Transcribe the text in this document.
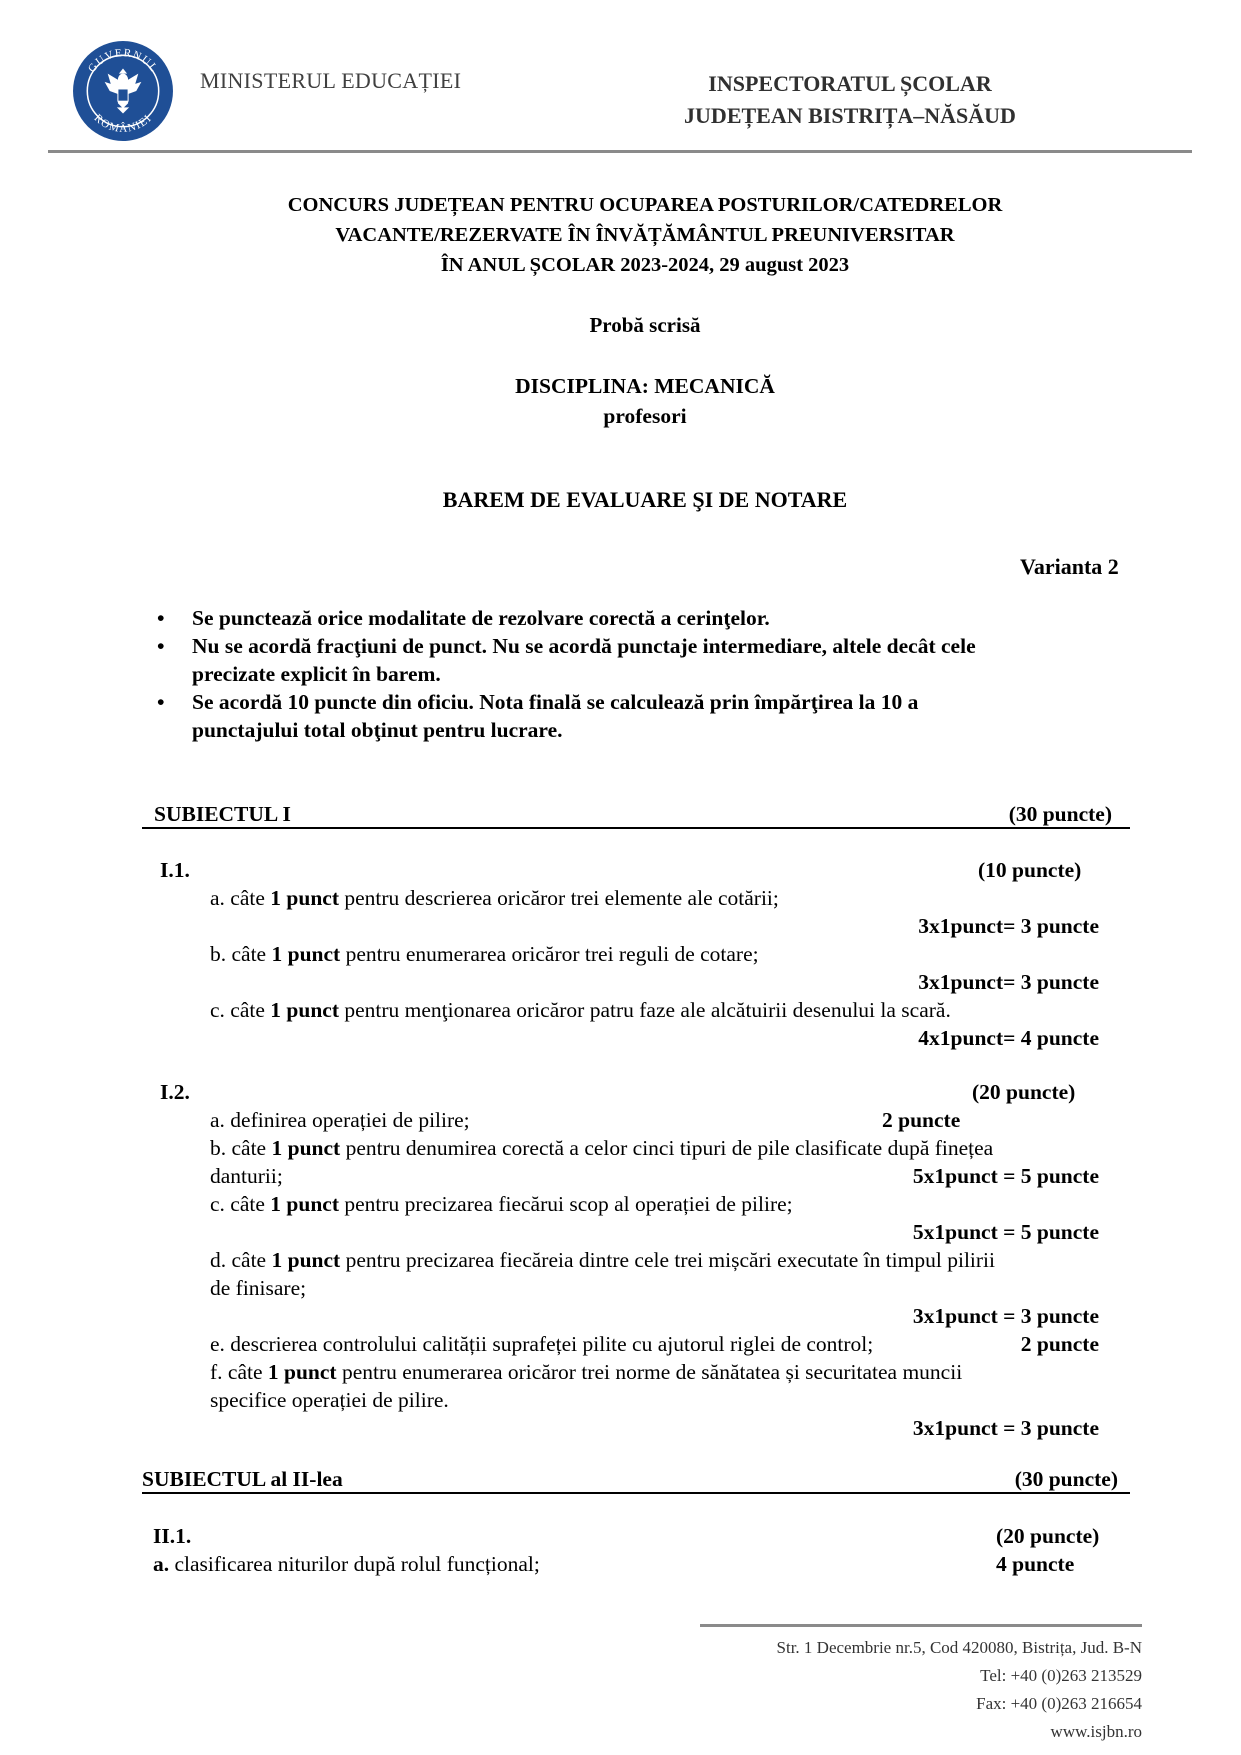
GUVERNUL
ROMÂNIEI
MINISTERUL EDUCAȚIEI	INSPECTORATUL ȘCOLAR
JUDEȚEAN BISTRIȚA–NĂSĂUD
CONCURS JUDEȚEAN PENTRU OCUPAREA POSTURILOR/CATEDRELOR
VACANTE/REZERVATE ÎN ÎNVĂȚĂMÂNTUL PREUNIVERSITAR
ÎN ANUL ȘCOLAR 2023-2024, 29 august 2023
Probă scrisă
DISCIPLINA: MECANICĂ
profesori
BAREM DE EVALUARE ŞI DE NOTARE
Varianta 2
• Se punctează orice modalitate de rezolvare corectă a cerinţelor.
• Nu se acordă fracţiuni de punct. Nu se acordă punctaje intermediare, altele decât cele
precizate explicit în barem.
• Se acordă 10 puncte din oficiu. Nota finală se calculează prin împărţirea la 10 a
punctajului total obţinut pentru lucrare.
SUBIECTUL I	(30 puncte)
I.1.	(10 puncte)
a. câte 1 punct pentru descrierea oricăror trei elemente ale cotării;
3x1punct= 3 puncte
b. câte 1 punct pentru enumerarea oricăror trei reguli de cotare;
3x1punct= 3 puncte
c. câte 1 punct pentru menţionarea oricăror patru faze ale alcătuirii desenului la scară.
4x1punct= 4 puncte
I.2.	(20 puncte)
a. definirea operației de pilire;	2 puncte
b. câte 1 punct pentru denumirea corectă a celor cinci tipuri de pile clasificate după finețea
danturii;	5x1punct = 5 puncte
c. câte 1 punct pentru precizarea fiecărui scop al operației de pilire;
5x1punct = 5 puncte
d. câte 1 punct pentru precizarea fiecăreia dintre cele trei mișcări executate în timpul pilirii
de finisare;
3x1punct = 3 puncte
e. descrierea controlului calității suprafeței pilite cu ajutorul riglei de control;	2 puncte
f. câte 1 punct pentru enumerarea oricăror trei norme de sănătatea și securitatea muncii
specifice operației de pilire.
3x1punct = 3 puncte
SUBIECTUL al II-lea	(30 puncte)
II.1.	(20 puncte)
a. clasificarea niturilor după rolul funcțional;	4 puncte
Str. 1 Decembrie nr.5, Cod 420080, Bistrița, Jud. B-N
Tel: +40 (0)263 213529
Fax: +40 (0)263 216654
www.isjbn.ro
